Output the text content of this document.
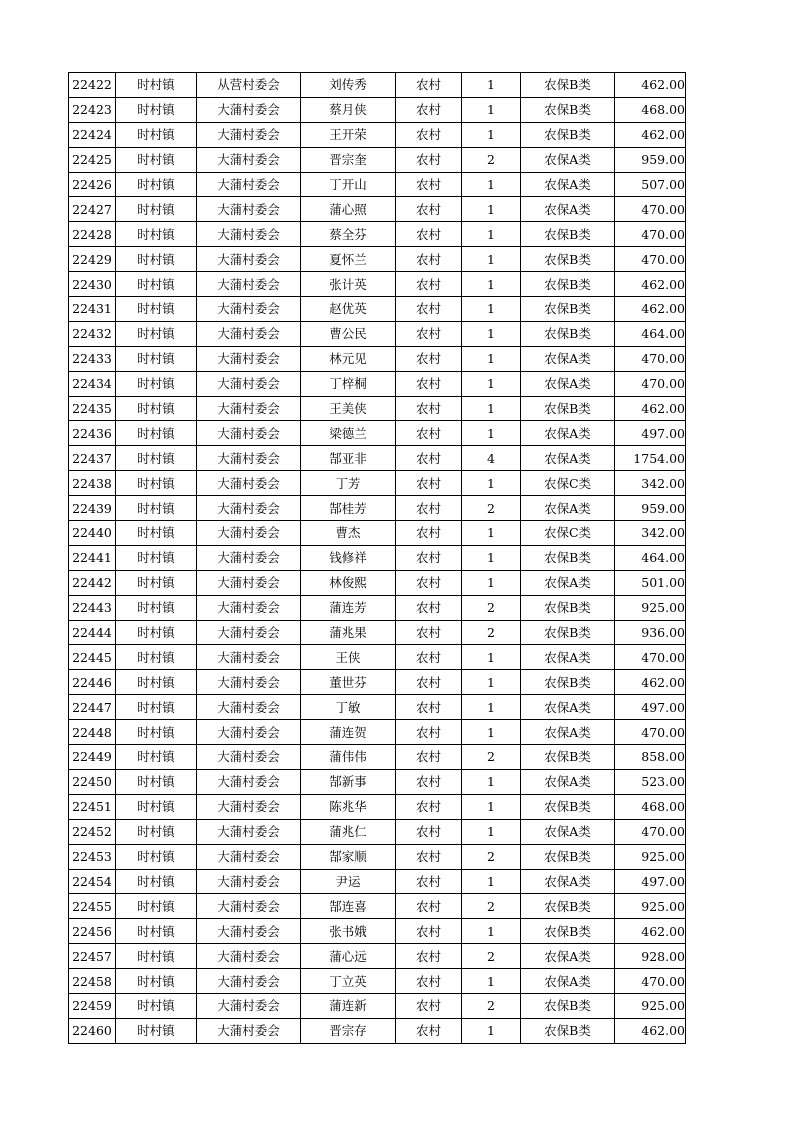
22422	时村镇	从营村委会	刘传秀	农村	1	农保B类	462.00
22423	时村镇	大蒲村委会	蔡月侠	农村	1	农保B类	468.00
22424	时村镇	大蒲村委会	王开荣	农村	1	农保B类	462.00
22425	时村镇	大蒲村委会	晋宗奎	农村	2	农保A类	959.00
22426	时村镇	大蒲村委会	丁开山	农村	1	农保A类	507.00
22427	时村镇	大蒲村委会	蒲心照	农村	1	农保A类	470.00
22428	时村镇	大蒲村委会	蔡全芬	农村	1	农保B类	470.00
22429	时村镇	大蒲村委会	夏怀兰	农村	1	农保B类	470.00
22430	时村镇	大蒲村委会	张计英	农村	1	农保B类	462.00
22431	时村镇	大蒲村委会	赵优英	农村	1	农保B类	462.00
22432	时村镇	大蒲村委会	曹公民	农村	1	农保B类	464.00
22433	时村镇	大蒲村委会	林元见	农村	1	农保A类	470.00
22434	时村镇	大蒲村委会	丁梓桐	农村	1	农保A类	470.00
22435	时村镇	大蒲村委会	王美侠	农村	1	农保B类	462.00
22436	时村镇	大蒲村委会	梁德兰	农村	1	农保A类	497.00
22437	时村镇	大蒲村委会	郜亚非	农村	4	农保A类	1754.00
22438	时村镇	大蒲村委会	丁芳	农村	1	农保C类	342.00
22439	时村镇	大蒲村委会	郜桂芳	农村	2	农保A类	959.00
22440	时村镇	大蒲村委会	曹杰	农村	1	农保C类	342.00
22441	时村镇	大蒲村委会	钱修祥	农村	1	农保B类	464.00
22442	时村镇	大蒲村委会	林俊熙	农村	1	农保A类	501.00
22443	时村镇	大蒲村委会	蒲连芳	农村	2	农保B类	925.00
22444	时村镇	大蒲村委会	蒲兆果	农村	2	农保B类	936.00
22445	时村镇	大蒲村委会	王侠	农村	1	农保A类	470.00
22446	时村镇	大蒲村委会	董世芬	农村	1	农保B类	462.00
22447	时村镇	大蒲村委会	丁敏	农村	1	农保A类	497.00
22448	时村镇	大蒲村委会	蒲连贺	农村	1	农保A类	470.00
22449	时村镇	大蒲村委会	蒲伟伟	农村	2	农保B类	858.00
22450	时村镇	大蒲村委会	郜新事	农村	1	农保A类	523.00
22451	时村镇	大蒲村委会	陈兆华	农村	1	农保B类	468.00
22452	时村镇	大蒲村委会	蒲兆仁	农村	1	农保A类	470.00
22453	时村镇	大蒲村委会	郜家顺	农村	2	农保B类	925.00
22454	时村镇	大蒲村委会	尹运	农村	1	农保A类	497.00
22455	时村镇	大蒲村委会	郜连喜	农村	2	农保B类	925.00
22456	时村镇	大蒲村委会	张书娥	农村	1	农保B类	462.00
22457	时村镇	大蒲村委会	蒲心远	农村	2	农保A类	928.00
22458	时村镇	大蒲村委会	丁立英	农村	1	农保A类	470.00
22459	时村镇	大蒲村委会	蒲连新	农村	2	农保B类	925.00
22460	时村镇	大蒲村委会	晋宗存	农村	1	农保B类	462.00
